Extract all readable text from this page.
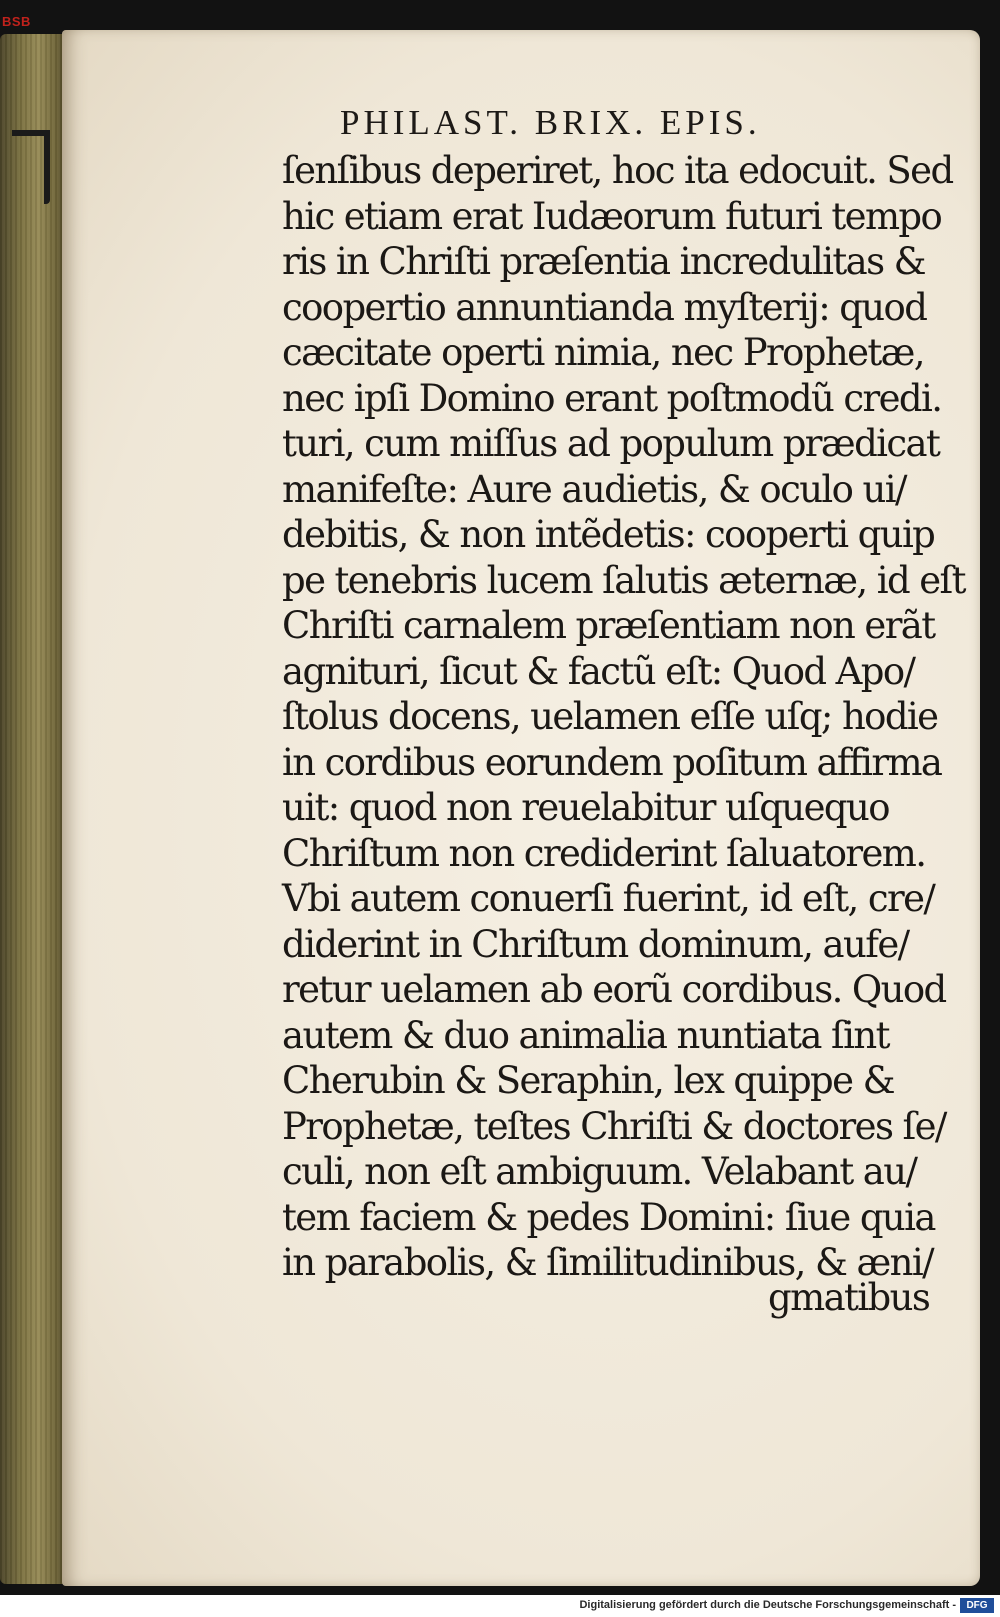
BSB
PHILAST. BRIX. EPIS.
ſenſibus deperiret, hoc ita edocuit. Sed
hic etiam erat Iudæorum futuri tempo
ris in Chriſti præſentia incredulitas &
coopertio annuntianda myſterij: quod
cæcitate operti nimia, nec Prophetæ,
nec ipſi Domino erant poſtmodũ credi.
turi, cum miſſus ad populum prædicat
manifeſte: Aure audietis, & oculo ui/
debitis, & non intẽdetis: cooperti quip
pe tenebris lucem ſalutis æternæ, id eſt
Chriſti carnalem præſentiam non erãt
agnituri, ſicut & factũ eſt: Quod Apo/
ſtolus docens, uelamen eſſe uſq; hodie
in cordibus eorundem poſitum affirma
uit: quod non reuelabitur uſquequo
Chriſtum non crediderint ſaluatorem.
Vbi autem conuerſi fuerint, id eſt, cre/
diderint in Chriſtum dominum, aufe/
retur uelamen ab eorũ cordibus. Quod
autem & duo animalia nuntiata ſint
Cherubin & Seraphin, lex quippe &
Prophetæ, teſtes Chriſti & doctores ſe/
culi, non eſt ambiguum. Velabant au/
tem faciem & pedes Domini: ſiue quia
in parabolis, & ſimilitudinibus, & æni/
gmatibus
Digitalisierung gefördert durch die Deutsche Forschungsgemeinschaft -	DFG
